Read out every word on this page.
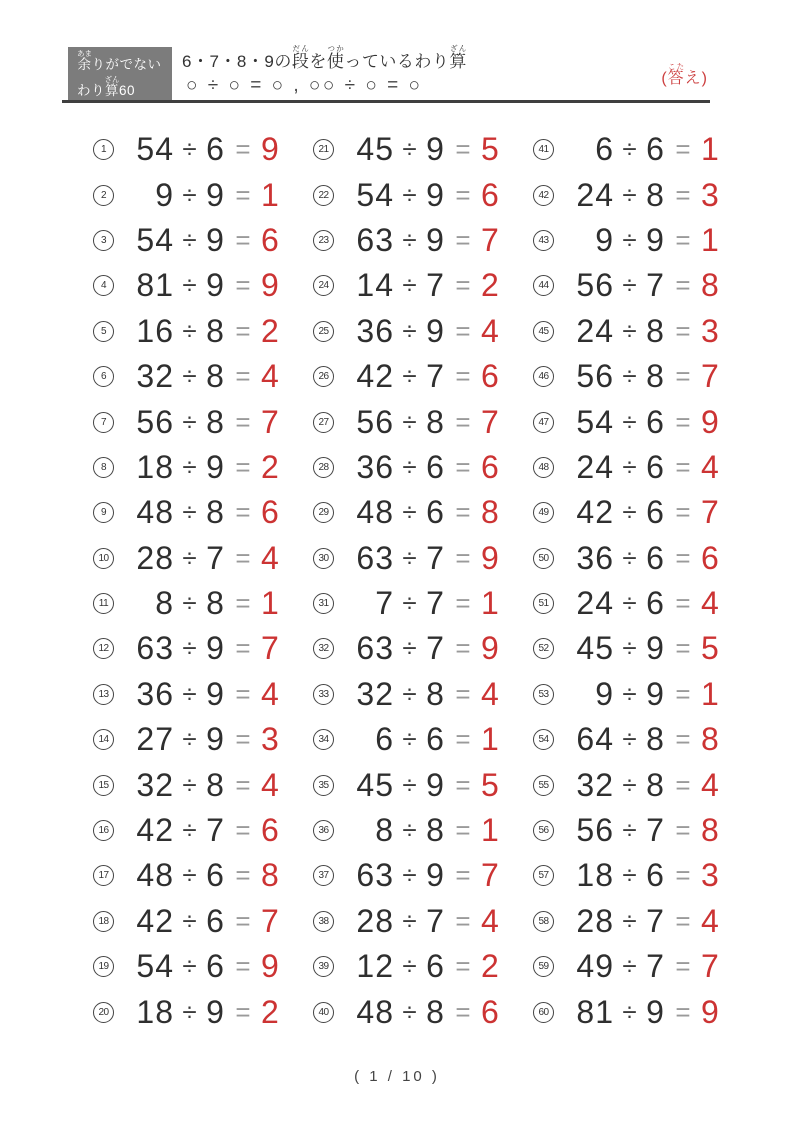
余あまりがでない
わり算ざん60
6・7・8・9の段だんを使つかっているわり算ざん
○ ÷ ○ = ○ , ○○ ÷ ○ = ○	(答こたえ)
1 54 ÷ 6 = 9
2	9 ÷ 9 = 1
3 54 ÷ 9 = 6
4 81 ÷ 9 = 9
5 16 ÷ 8 = 2
6 32 ÷ 8 = 4
7 56 ÷ 8 = 7
8 18 ÷ 9 = 2
9 48 ÷ 8 = 6
10 28 ÷ 7 = 4
11	8 ÷ 8 = 1
12 63 ÷ 9 = 7
13 36 ÷ 9 = 4
14 27 ÷ 9 = 3
15 32 ÷ 8 = 4
16 42 ÷ 7 = 6
17 48 ÷ 6 = 8
18 42 ÷ 6 = 7
19 54 ÷ 6 = 9
20 18 ÷ 9 = 2
21 45 ÷ 9 = 5
22 54 ÷ 9 = 6
23 63 ÷ 9 = 7
24 14 ÷ 7 = 2
25 36 ÷ 9 = 4
26 42 ÷ 7 = 6
27 56 ÷ 8 = 7
28 36 ÷ 6 = 6
29 48 ÷ 6 = 8
30 63 ÷ 7 = 9
31	7 ÷ 7 = 1
32 63 ÷ 7 = 9
33 32 ÷ 8 = 4
34	6 ÷ 6 = 1
35 45 ÷ 9 = 5
36	8 ÷ 8 = 1
37 63 ÷ 9 = 7
38 28 ÷ 7 = 4
39 12 ÷ 6 = 2
40 48 ÷ 8 = 6
41	6 ÷ 6 = 1
42 24 ÷ 8 = 3
43	9 ÷ 9 = 1
44 56 ÷ 7 = 8
45 24 ÷ 8 = 3
46 56 ÷ 8 = 7
47 54 ÷ 6 = 9
48 24 ÷ 6 = 4
49 42 ÷ 6 = 7
50 36 ÷ 6 = 6
51 24 ÷ 6 = 4
52 45 ÷ 9 = 5
53	9 ÷ 9 = 1
54 64 ÷ 8 = 8
55 32 ÷ 8 = 4
56 56 ÷ 7 = 8
57 18 ÷ 6 = 3
58 28 ÷ 7 = 4
59 49 ÷ 7 = 7
60 81 ÷ 9 = 9
( 1 / 10 )
